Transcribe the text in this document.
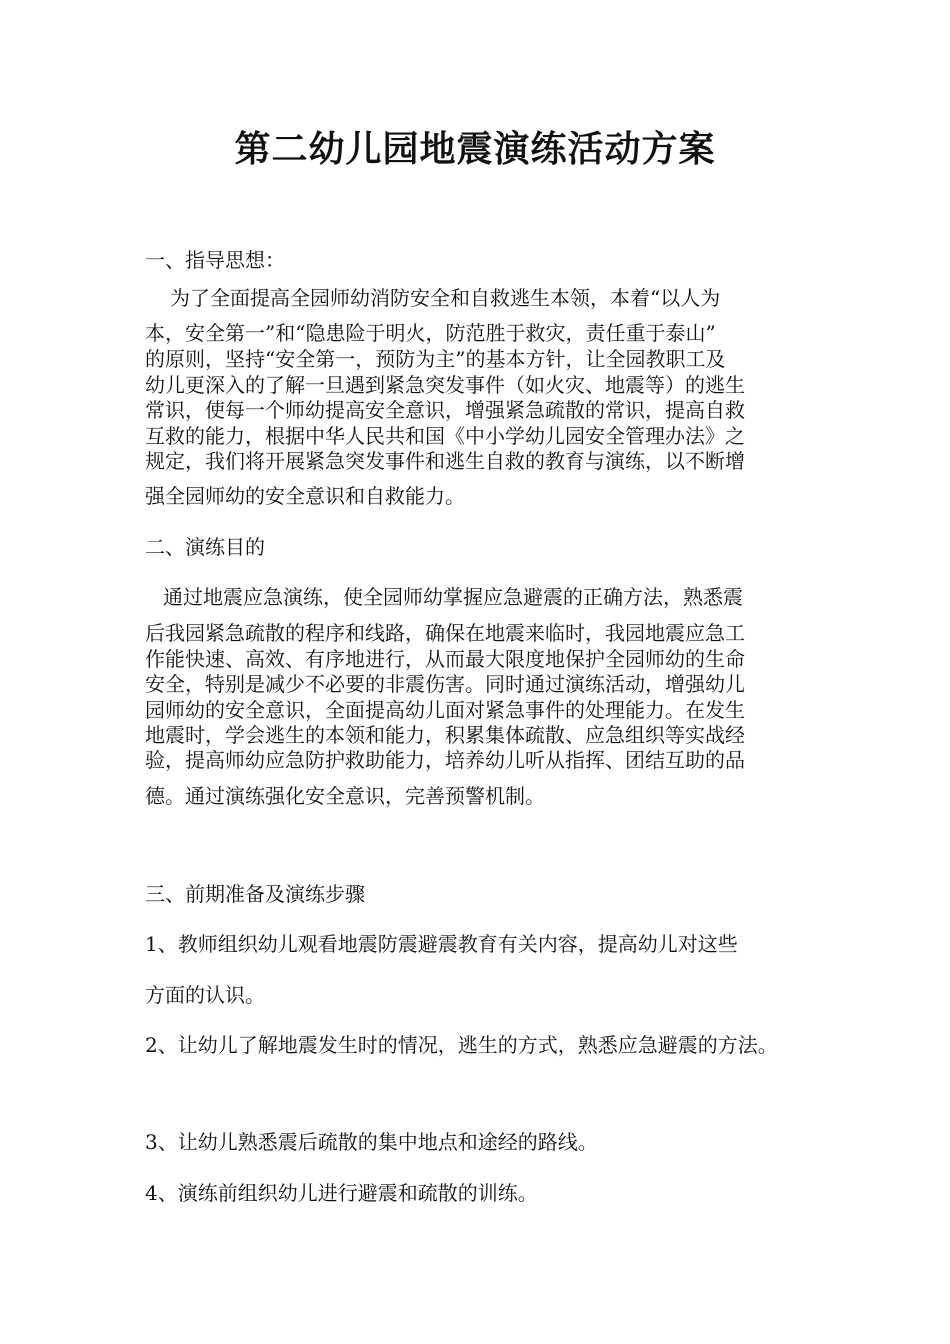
第二幼儿园地震演练活动方案
一、指导思想：
为了全面提高全园师幼消防安全和自救逃生本领，本着“以人为
本，安全第一”和“隐患险于明火，防范胜于救灾，责任重于泰山”
的原则，坚持“安全第一，预防为主”的基本方针，让全园教职工及
幼儿更深入的了解一旦遇到紧急突发事件（如火灾、地震等）的逃生
常识，使每一个师幼提高安全意识，增强紧急疏散的常识，提高自救
互救的能力，根据中华人民共和国《中小学幼儿园安全管理办法》之
规定，我们将开展紧急突发事件和逃生自救的教育与演练，以不断增
强全园师幼的安全意识和自救能力。
二、演练目的
通过地震应急演练，使全园师幼掌握应急避震的正确方法，熟悉震
后我园紧急疏散的程序和线路，确保在地震来临时，我园地震应急工
作能快速、高效、有序地进行，从而最大限度地保护全园师幼的生命
安全，特别是减少不必要的非震伤害。同时通过演练活动，增强幼儿
园师幼的安全意识，全面提高幼儿面对紧急事件的处理能力。在发生
地震时，学会逃生的本领和能力，积累集体疏散、应急组织等实战经
验，提高师幼应急防护救助能力，培养幼儿听从指挥、团结互助的品
德。通过演练强化安全意识，完善预警机制。
三、前期准备及演练步骤
1、教师组织幼儿观看地震防震避震教育有关内容，提高幼儿对这些
方面的认识。
2、让幼儿了解地震发生时的情况，逃生的方式，熟悉应急避震的方法。
3、让幼儿熟悉震后疏散的集中地点和途经的路线。
4、演练前组织幼儿进行避震和疏散的训练。
